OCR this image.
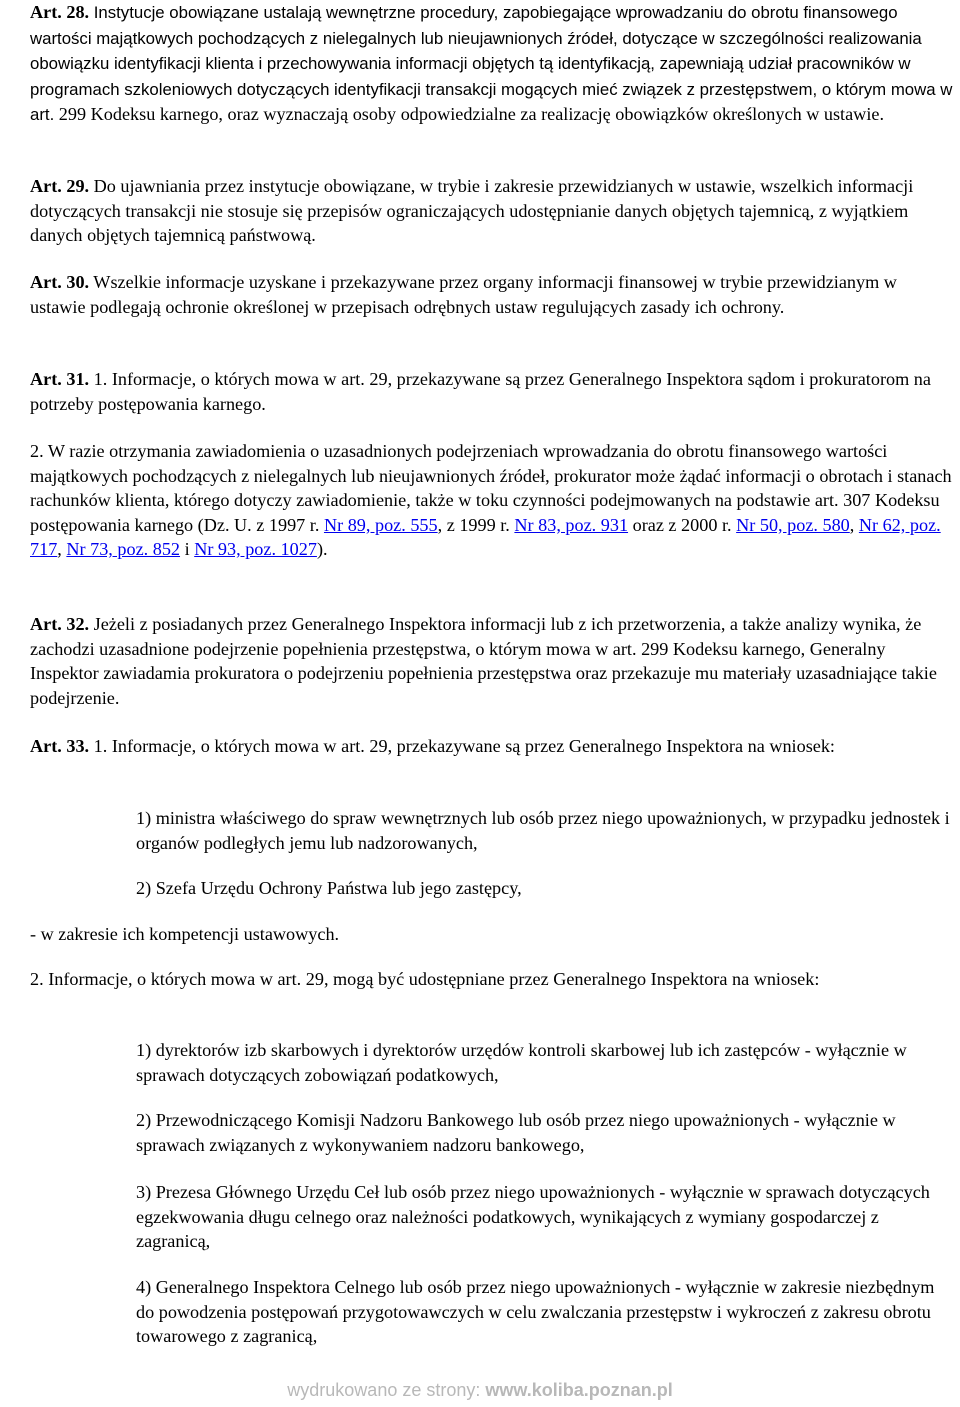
Art. 28. Instytucje obowiązane ustalają wewnętrzne procedury, zapobiegające wprowadzaniu do obrotu finansowego wartości majątkowych pochodzących z nielegalnych lub nieujawnionych źródeł, dotyczące w szczególności realizowania obowiązku identyfikacji klienta i przechowywania informacji objętych tą identyfikacją, zapewniają udział pracowników w programach szkoleniowych dotyczących identyfikacji transakcji mogących mieć związek z przestępstwem, o którym mowa w art. 299 Kodeksu karnego, oraz wyznaczają osoby odpowiedzialne za realizację obowiązków określonych w ustawie.

Art. 29. Do ujawniania przez instytucje obowiązane, w trybie i zakresie przewidzianych w ustawie, wszelkich informacji dotyczących transakcji nie stosuje się przepisów ograniczających udostępnianie danych objętych tajemnicą, z wyjątkiem danych objętych tajemnicą państwową.

Art. 30. Wszelkie informacje uzyskane i przekazywane przez organy informacji finansowej w trybie przewidzianym w ustawie podlegają ochronie określonej w przepisach odrębnych ustaw regulujących zasady ich ochrony.

Art. 31. 1. Informacje, o których mowa w art. 29, przekazywane są przez Generalnego Inspektora sądom i prokuratorom na potrzeby postępowania karnego.

2. W razie otrzymania zawiadomienia o uzasadnionych podejrzeniach wprowadzania do obrotu finansowego wartości majątkowych pochodzących z nielegalnych lub nieujawnionych źródeł, prokurator może żądać informacji o obrotach i stanach rachunków klienta, którego dotyczy zawiadomienie, także w toku czynności podejmowanych na podstawie art. 307 Kodeksu postępowania karnego (Dz. U. z 1997 r. Nr 89, poz. 555, z 1999 r. Nr 83, poz. 931 oraz z 2000 r. Nr 50, poz. 580, Nr 62, poz. 717, Nr 73, poz. 852 i Nr 93, poz. 1027).

Art. 32. Jeżeli z posiadanych przez Generalnego Inspektora informacji lub z ich przetworzenia, a także analizy wynika, że zachodzi uzasadnione podejrzenie popełnienia przestępstwa, o którym mowa w art. 299 Kodeksu karnego, Generalny Inspektor zawiadamia prokuratora o podejrzeniu popełnienia przestępstwa oraz przekazuje mu materiały uzasadniające takie podejrzenie.

Art. 33. 1. Informacje, o których mowa w art. 29, przekazywane są przez Generalnego Inspektora na wniosek:

1) ministra właściwego do spraw wewnętrznych lub osób przez niego upoważnionych, w przypadku jednostek i organów podległych jemu lub nadzorowanych,

2) Szefa Urzędu Ochrony Państwa lub jego zastępcy,

- w zakresie ich kompetencji ustawowych.

2. Informacje, o których mowa w art. 29, mogą być udostępniane przez Generalnego Inspektora na wniosek:

1) dyrektorów izb skarbowych i dyrektorów urzędów kontroli skarbowej lub ich zastępców - wyłącznie w sprawach dotyczących zobowiązań podatkowych,

2) Przewodniczącego Komisji Nadzoru Bankowego lub osób przez niego upoważnionych - wyłącznie w sprawach związanych z wykonywaniem nadzoru bankowego,

3) Prezesa Głównego Urzędu Ceł lub osób przez niego upoważnionych - wyłącznie w sprawach dotyczących egzekwowania długu celnego oraz należności podatkowych, wynikających z wymiany gospodarczej z zagranicą,

4) Generalnego Inspektora Celnego lub osób przez niego upoważnionych - wyłącznie w zakresie niezbędnym do powodzenia postępowań przygotowawczych w celu zwalczania przestępstw i wykroczeń z zakresu obrotu towarowego z zagranicą,

wydrukowano ze strony: www.koliba.poznan.pl
